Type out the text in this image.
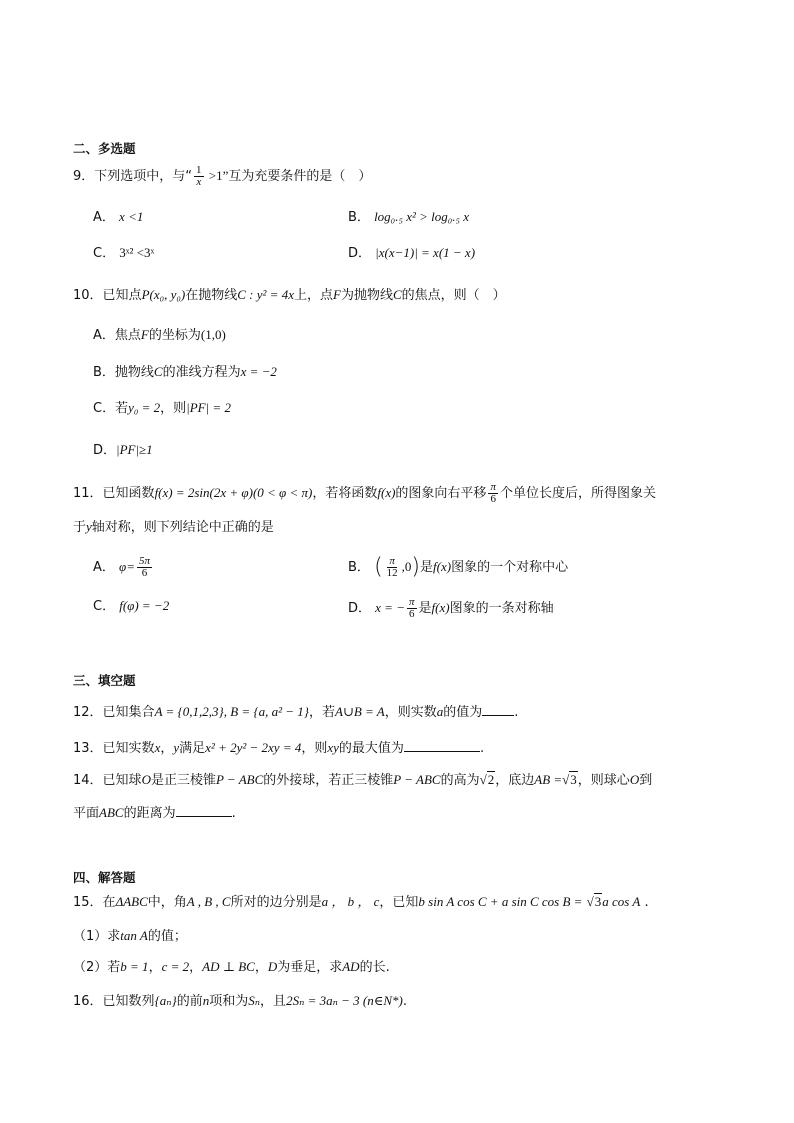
二、多选题
9．下列选项中，与“ $\frac{1}{x} >1$”互为充要条件的是（　）
A． x <1	B． log₀.₅ x² > log₀.₅ x
C． 3ˣ² <3ˣ	D． |x(x−1)| = x(1 − x)
10．已知点P(x₀, y₀)在抛物线C : y² = 4x上，点F为抛物线C的焦点，则（　）
A．焦点F的坐标为(1,0)
B．抛物线C的准线方程为x = −2
C．若y₀ = 2，则|PF| = 2
D．|PF|≥1
11．已知函数f(x) = 2sin(2x + φ)(0 < φ < π)，若将函数f(x)的图象向右平移 $\frac{\pi}{6}$ 个单位长度后，所得图象关
于y轴对称，则下列结论中正确的是
A． $\varphi= \frac{5\pi}{6}$	B． ( $\frac{\pi}{12} ,0$)是f(x)图象的一个对称中心
C． f(φ) = −2	D． x = − $\frac{\pi}{6}$ 是f(x)图象的一条对称轴
三、填空题
12．已知集合A = {0,1,2,3}, B = {a, a² − 1}，若A∪B = A，则实数a的值为 .
13．已知实数x，y满足x² + 2y² − 2xy = 4，则xy的最大值为	.
14．已知球O是正三棱锥P − ABC的外接球，若正三棱锥P − ABC的高为√2，底边AB =√3，则球心O到
平面ABC的距离为	.
四、解答题
15．在ΔABC中，角A , B , C所对的边分别是a ， b ， c，已知b sin A cos C + a sin C cos B = √3a cos A .
（1）求tan A的值；
（2）若b = 1，c = 2，AD ⊥ BC，D为垂足，求AD的长.
16．已知数列{aₙ}的前n项和为Sₙ，且2Sₙ = 3aₙ − 3 (n∈N*).
